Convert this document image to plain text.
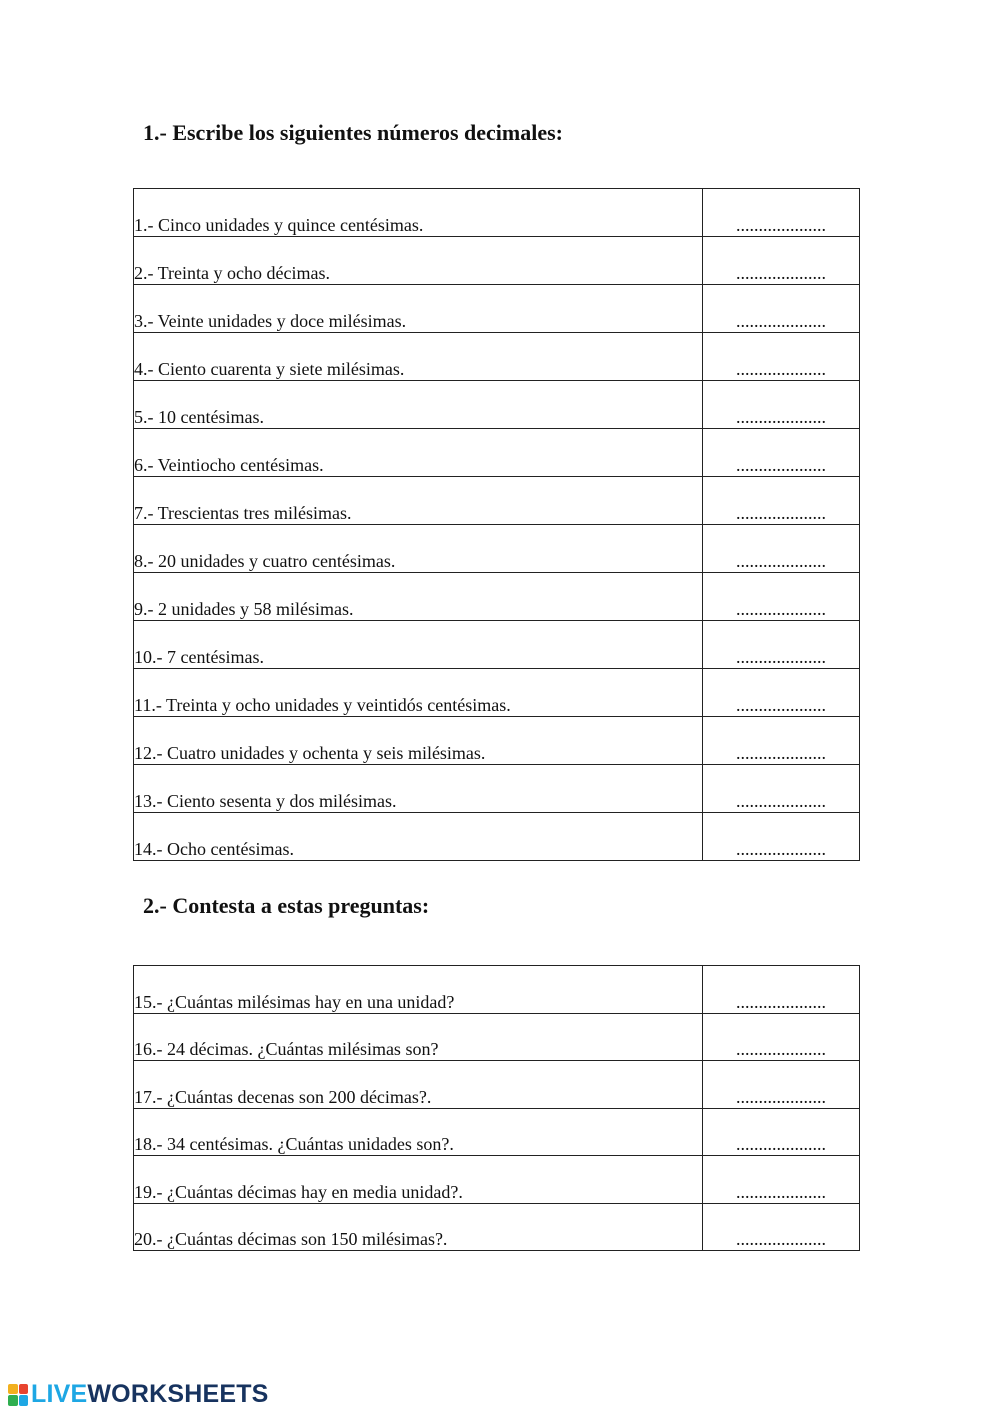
1.- Escribe los siguientes números decimales:
1.- Cinco unidades y quince centésimas.	....................
2.- Treinta y ocho décimas.	....................
3.- Veinte unidades y doce milésimas.	....................
4.- Ciento cuarenta y siete milésimas.	....................
5.- 10 centésimas.	....................
6.- Veintiocho centésimas.	....................
7.- Trescientas tres milésimas.	....................
8.- 20 unidades y cuatro centésimas.	....................
9.- 2 unidades y 58 milésimas.	....................
10.- 7 centésimas.	....................
11.- Treinta y ocho unidades y veintidós centésimas.	....................
12.- Cuatro unidades y ochenta y seis milésimas.	....................
13.- Ciento sesenta y dos milésimas.	....................
14.- Ocho centésimas.	....................
2.- Contesta a estas preguntas:
15.- ¿Cuántas milésimas hay en una unidad?	....................
16.- 24 décimas. ¿Cuántas milésimas son?	....................
17.- ¿Cuántas decenas son 200 décimas?.	....................
18.- 34 centésimas. ¿Cuántas unidades son?.	....................
19.- ¿Cuántas décimas hay en media unidad?.	....................
20.- ¿Cuántas décimas son 150 milésimas?.	....................
LIVEWORKSHEETS
